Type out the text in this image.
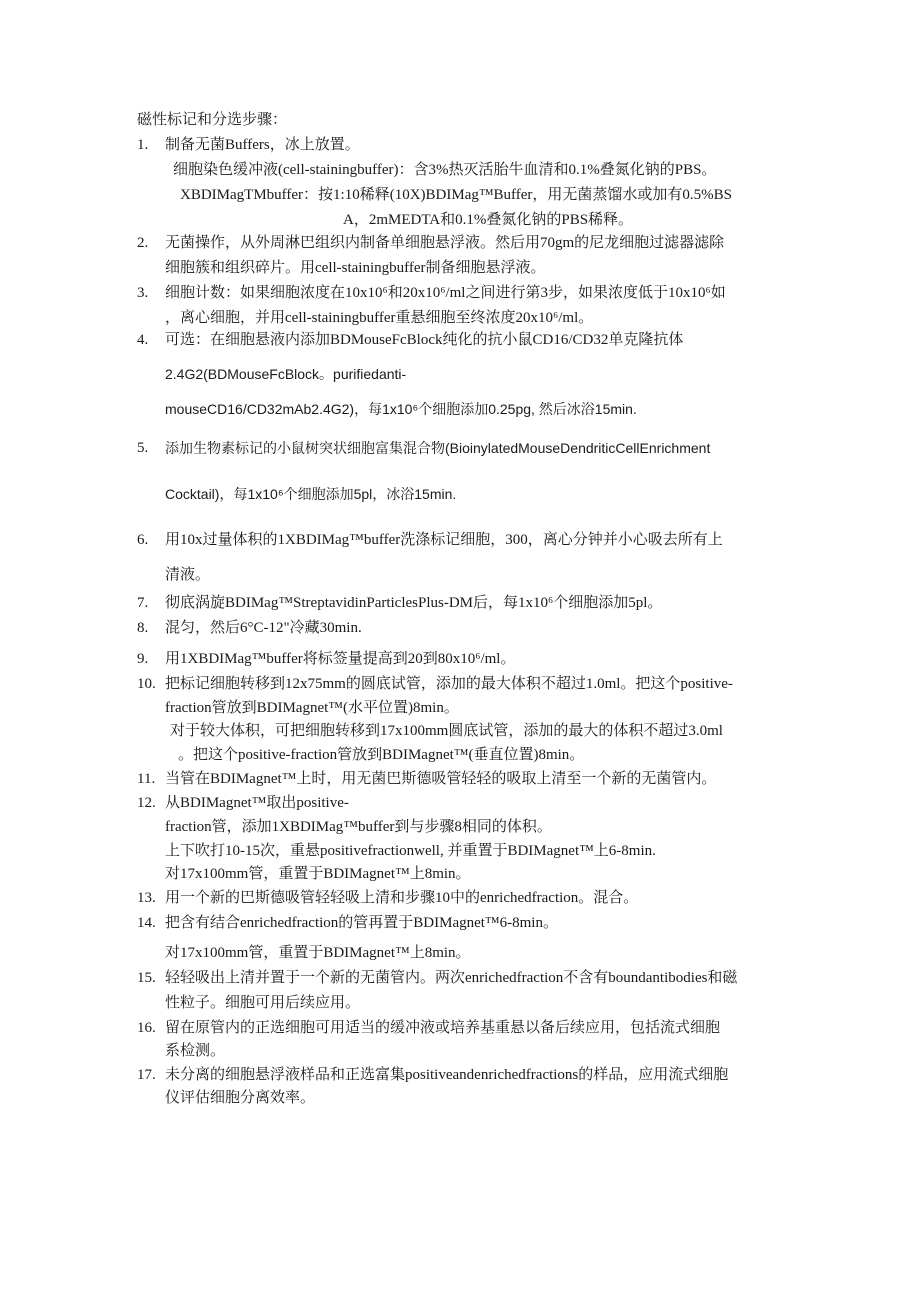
磁性标记和分选步骤：
1. 制备无菌Buffers，冰上放置。
细胞染色缓冲液(cell-stainingbuffer)：含3%热灭活胎牛血清和0.1%叠氮化钠的PBS。
XBDIMagTMbuffer：按1:10稀释(10X)BDIMag™Buffer，用无菌蒸馏水或加有0.5%BS
A，2mMEDTA和0.1%叠氮化钠的PBS稀释。
2. 无菌操作，从外周淋巴组织内制备单细胞悬浮液。然后用70gm的尼龙细胞过滤器滤除
细胞簇和组织碎片。用cell-stainingbuffer制备细胞悬浮液。
3. 细胞计数：如果细胞浓度在10x10⁶和20x10⁶/ml之间进行第3步，如果浓度低于10x10⁶如
，离心细胞，并用cell-stainingbuffer重悬细胞至终浓度20x10⁶/ml。
4. 可选：在细胞悬液内添加BDMouseFcBlock纯化的抗小鼠CD16/CD32单克隆抗体
2.4G2(BDMouseFcBlock。purifiedanti-
mouseCD16/CD32mAb2.4G2)，每1x10⁶个细胞添加0.25pg, 然后冰浴15min.
5. 添加生物素标记的小鼠树突状细胞富集混合物(BioinylatedMouseDendriticCellEnrichment
Cocktail)，每1x10⁶个细胞添加5pl，冰浴15min.
6. 用10x过量体积的1XBDIMag™buffer洗涤标记细胞，300，离心分钟并小心吸去所有上
清液。
7. 彻底涡旋BDIMag™StreptavidinParticlesPlus-DM后，每1x10⁶个细胞添加5pl。
8. 混匀，然后6°C-12"冷藏30min.
9. 用1XBDIMag™buffer将标签量提高到20到80x10⁶/ml。
10. 把标记细胞转移到12x75mm的圆底试管，添加的最大体积不超过1.0ml。把这个positive-
fraction管放到BDIMagnet™(水平位置)8min。
对于较大体积，可把细胞转移到17x100mm圆底试管，添加的最大的体积不超过3.0ml
。把这个positive-fraction管放到BDIMagnet™(垂直位置)8min。
11. 当管在BDIMagnet™上时，用无菌巴斯德吸管轻轻的吸取上清至一个新的无菌管内。
12. 从BDIMagnet™取出positive-
fraction管，添加1XBDIMag™buffer到与步骤8相同的体积。
上下吹打10-15次，重悬positivefractionwell, 并重置于BDIMagnet™上6-8min.
对17x100mm管，重置于BDIMagnet™上8min。
13. 用一个新的巴斯德吸管轻轻吸上清和步骤10中的enrichedfraction。混合。
14. 把含有结合enrichedfraction的管再置于BDIMagnet™6-8min。
对17x100mm管，重置于BDIMagnet™上8min。
15. 轻轻吸出上清并置于一个新的无菌管内。两次enrichedfraction不含有boundantibodies和磁
性粒子。细胞可用后续应用。
16. 留在原管内的正选细胞可用适当的缓冲液或培养基重悬以备后续应用，包括流式细胞
系检测。
17. 未分离的细胞悬浮液样品和正选富集positiveandenrichedfractions的样品，应用流式细胞
仪评估细胞分离效率。
